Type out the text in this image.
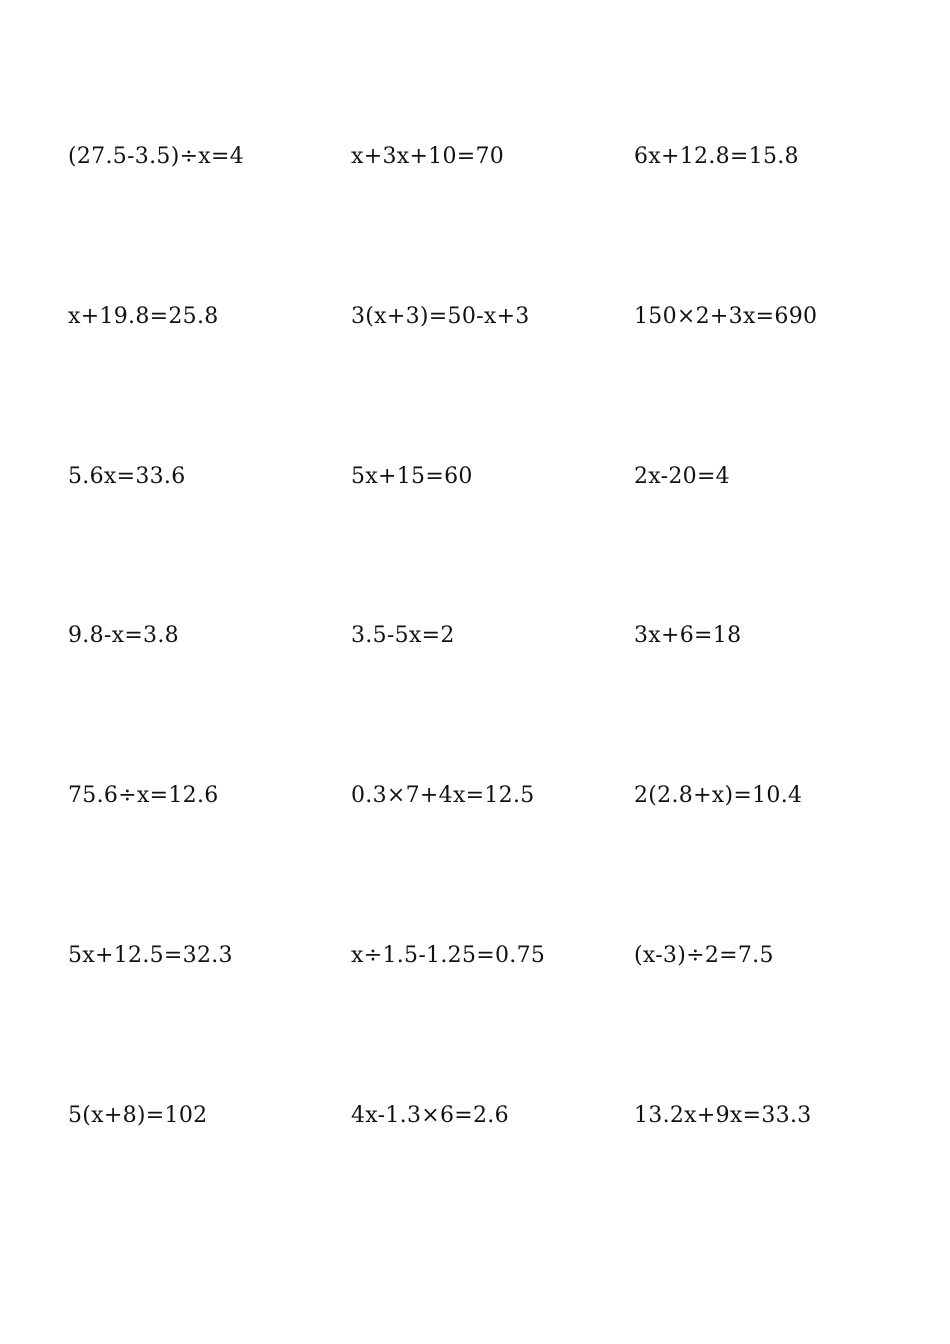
(27.5-3.5)÷x=4	x+3x+10=70	6x+12.8=15.8
x+19.8=25.8	3(x+3)=50-x+3	150×2+3x=690
5.6x=33.6	5x+15=60	2x-20=4
9.8-x=3.8	3.5-5x=2	3x+6=18
75.6÷x=12.6	0.3×7+4x=12.5	2(2.8+x)=10.4
5x+12.5=32.3	x÷1.5-1.25=0.75	(x-3)÷2=7.5
5(x+8)=102	4x-1.3×6=2.6	13.2x+9x=33.3
